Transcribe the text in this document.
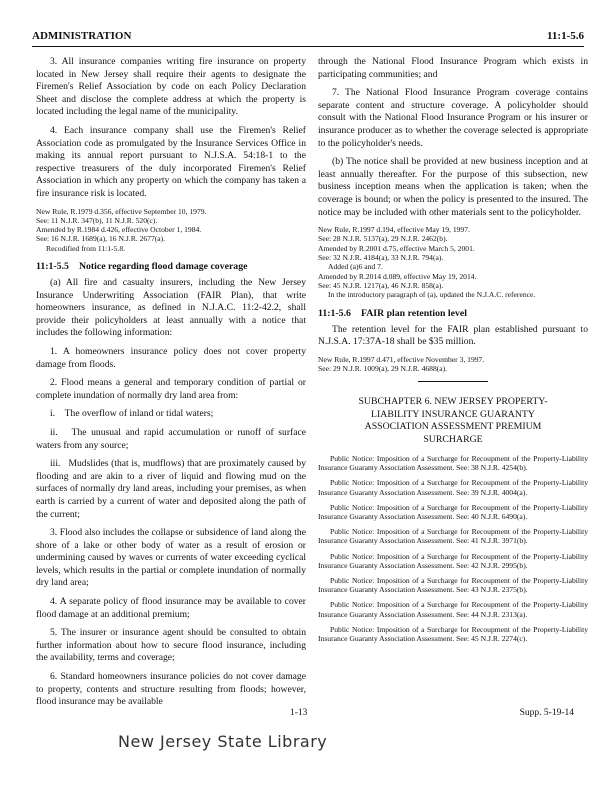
ADMINISTRATION	11:1-5.6

3. All insurance companies writing fire insurance on property located in New Jersey shall require their agents to designate the Firemen's Relief Association by code on each Policy Declaration Sheet and disclose the complete address at which the property is located including the legal name of the municipality.

4. Each insurance company shall use the Firemen's Relief Association code as promulgated by the Insurance Services Office in making its annual report pursuant to N.J.S.A. 54:18-1 to the respective treasurers of the duly incorporated Firemen's Relief Association in which any property on which the company has taken a fire insurance risk is located.

New Rule, R.1979 d.356, effective September 10, 1979.
See: 11 N.J.R. 347(b), 11 N.J.R. 520(c).
Amended by R.1984 d.426, effective October 1, 1984.
See: 16 N.J.R. 1689(a), 16 N.J.R. 2677(a).
Recodified from 11:1-5.8.
11:1-5.5 Notice regarding flood damage coverage

(a) All fire and casualty insurers, including the New Jersey Insurance Underwriting Association (FAIR Plan), that write homeowners insurance, as defined in N.J.A.C. 11:2-42.2, shall provide their policyholders at least annually with a notice that includes the following information:

1. A homeowners insurance policy does not cover property damage from floods.

2. Flood means a general and temporary condition of partial or complete inundation of normally dry land area from:

i. The overflow of inland or tidal waters;

ii. The unusual and rapid accumulation or runoff of surface waters from any source;

iii. Mudslides (that is, mudflows) that are proximately caused by flooding and are akin to a river of liquid and flowing mud on the surfaces of normally dry land areas, including your premises, as when earth is carried by a current of water and deposited along the path of the current;

3. Flood also includes the collapse or subsidence of land along the shore of a lake or other body of water as a result of erosion or undermining caused by waves or currents of water exceeding cyclical levels, which results in the partial or complete inundation of normally dry land area;

4. A separate policy of flood insurance may be available to cover flood damage at an additional premium;

5. The insurer or insurance agent should be consulted to obtain further information about how to secure flood insurance, including the availability, terms and coverage;

6. Standard homeowners insurance policies do not cover damage to property, contents and structure resulting from floods; however, flood insurance may be available

through the National Flood Insurance Program which exists in participating communities; and

7. The National Flood Insurance Program coverage contains separate content and structure coverage. A policyholder should consult with the National Flood Insurance Program or his insurer or insurance producer as to whether the coverage selected is appropriate to the policyholder's needs.

(b) The notice shall be provided at new business inception and at least annually thereafter. For the purpose of this subsection, new business inception means when the application is taken; when the coverage is bound; or when the policy is presented to the insured. The notice may be included with other materials sent to the policyholder.

New Rule, R.1997 d.194, effective May 19, 1997.
See: 28 N.J.R. 5137(a), 29 N.J.R. 2462(b).
Amended by R.2001 d.75, effective March 5, 2001.
See: 32 N.J.R. 4184(a), 33 N.J.R. 794(a).
Added (a)6 and 7.
Amended by R.2014 d.089, effective May 19, 2014.
See: 45 N.J.R. 1217(a), 46 N.J.R. 858(a).
In the introductory paragraph of (a), updated the N.J.A.C. reference.
11:1-5.6 FAIR plan retention level

The retention level for the FAIR plan established pursuant to N.J.S.A. 17:37A-18 shall be $35 million.

New Rule, R.1997 d.471, effective November 3, 1997.
See: 29 N.J.R. 1009(a), 29 N.J.R. 4688(a).
SUBCHAPTER 6. NEW JERSEY PROPERTY-
LIABILITY INSURANCE GUARANTY
ASSOCIATION ASSESSMENT PREMIUM
SURCHARGE

Public Notice: Imposition of a Surcharge for Recoupment of the Property-Liability Insurance Guaranty Association Assessment. See: 38 N.J.R. 4254(b).

Public Notice: Imposition of a Surcharge for Recoupment of the Property-Liability Insurance Guaranty Association Assessment. See: 39 N.J.R. 4004(a).

Public Notice: Imposition of a Surcharge for Recoupment of the Property-Liability Insurance Guaranty Association Assessment. See: 40 N.J.R. 6490(a).

Public Notice: Imposition of a Surcharge for Recoupment of the Property-Liability Insurance Guaranty Association Assessment. See: 41 N.J.R. 3971(b).

Public Notice: Imposition of a Surcharge for Recoupment of the Property-Liability Insurance Guaranty Association Assessment. See: 42 N.J.R. 2995(b).

Public Notice: Imposition of a Surcharge for Recoupment of the Property-Liability Insurance Guaranty Association Assessment. See: 43 N.J.R. 2375(b).

Public Notice: Imposition of a Surcharge for Recoupment of the Property-Liability Insurance Guaranty Association Assessment. See: 44 N.J.R. 2313(a).

Public Notice: Imposition of a Surcharge for Recoupment of the Property-Liability Insurance Guaranty Association Assessment. See: 45 N.J.R. 2274(c).

1-13	Supp. 5-19-14
New Jersey State Library
